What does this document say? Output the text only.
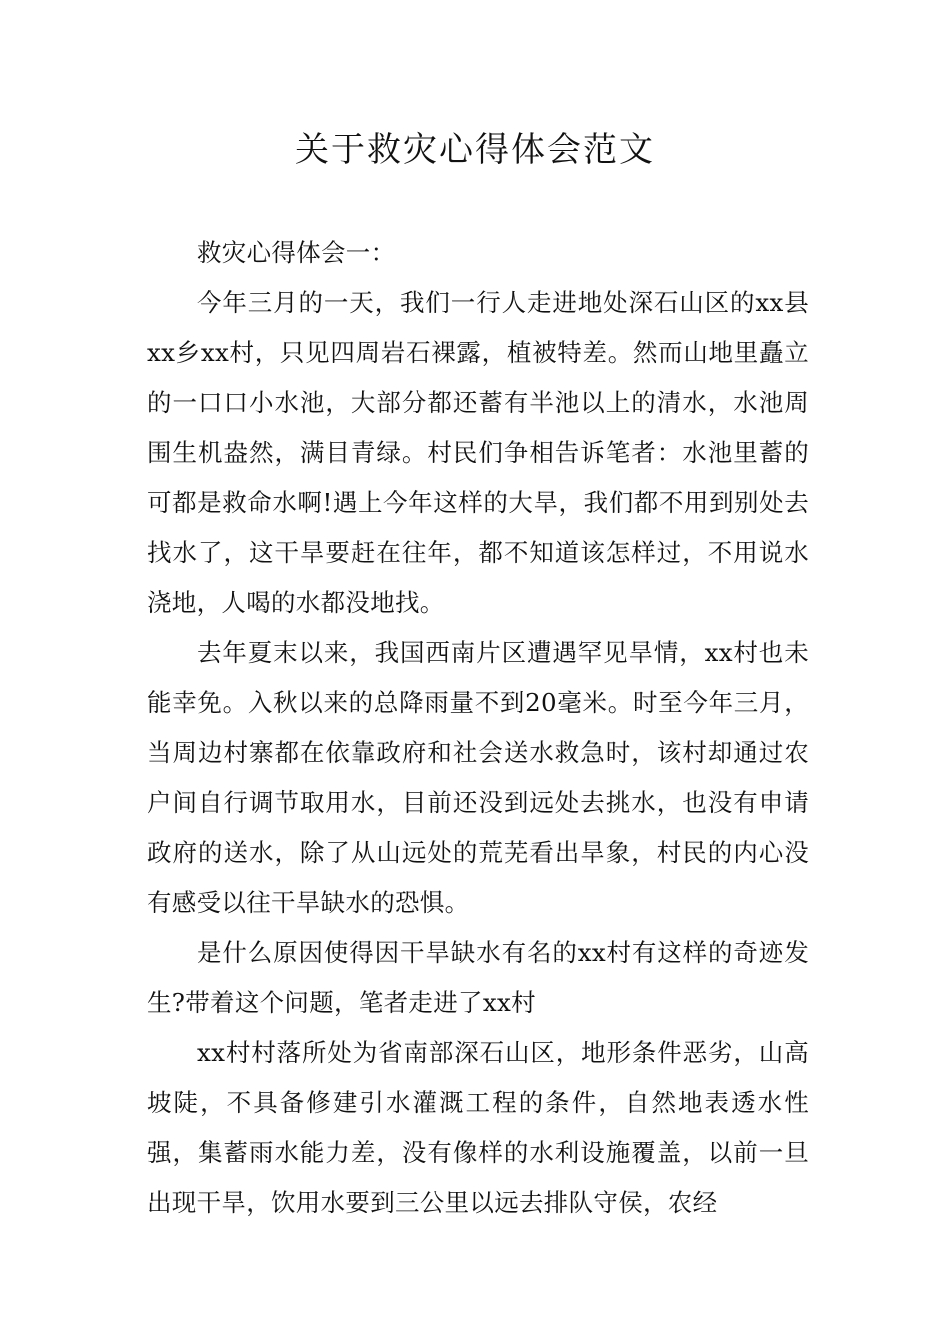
关于救灾心得体会范文

救灾心得体会一：

今年三月的一天，我们一行人走进地处深石山区的xx县xx乡xx村，只见四周岩石裸露，植被特差。然而山地里矗立的一口口小水池，大部分都还蓄有半池以上的清水，水池周围生机盎然，满目青绿。村民们争相告诉笔者：水池里蓄的可都是救命水啊!遇上今年这样的大旱，我们都不用到别处去找水了，这干旱要赶在往年，都不知道该怎样过，不用说水浇地，人喝的水都没地找。

去年夏末以来，我国西南片区遭遇罕见旱情，xx村也未能幸免。入秋以来的总降雨量不到20毫米。时至今年三月，当周边村寨都在依靠政府和社会送水救急时，该村却通过农户间自行调节取用水，目前还没到远处去挑水，也没有申请政府的送水，除了从山远处的荒芜看出旱象，村民的内心没有感受以往干旱缺水的恐惧。

是什么原因使得因干旱缺水有名的xx村有这样的奇迹发生?带着这个问题，笔者走进了xx村

xx村村落所处为省南部深石山区，地形条件恶劣，山高坡陡，不具备修建引水灌溉工程的条件，自然地表透水性强，集蓄雨水能力差，没有像样的水利设施覆盖，以前一旦出现干旱，饮用水要到三公里以远去排队守侯，农经
